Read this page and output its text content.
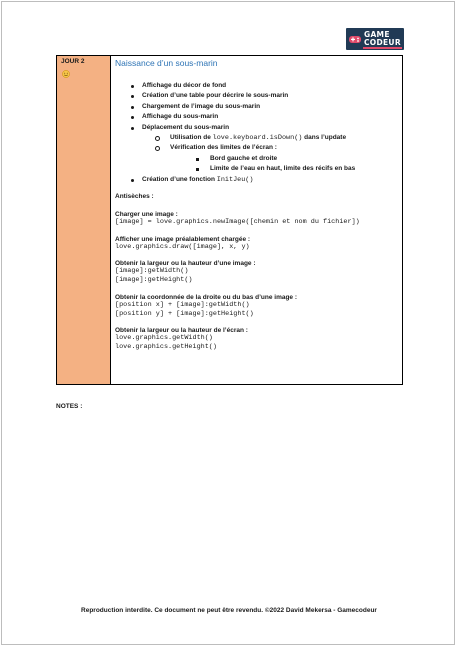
GAME
CODEUR
JOUR 2	Naissance d’un sous-marin
Affichage du décor de fond
Création d’une table pour décrire le sous-marin
Chargement de l’image du sous-marin
Affichage du sous-marin
Déplacement du sous-marin
Utilisation de love.keyboard.isDown() dans l’update
Vérification des limites de l’écran :
Bord gauche et droite
Limite de l’eau en haut, limite des récifs en bas
Création d’une fonction InitJeu()
Antisèches :
Charger une image :
[image] = love.graphics.newImage([chemin et nom du fichier])
Afficher une image préalablement chargée :
love.graphics.draw([image], x, y)
Obtenir la largeur ou la hauteur d’une image :
[image]:getWidth()
[image]:getHeight()
Obtenir la coordonnée de la droite ou du bas d’une image :
[position x] + [image]:getWidth()
[position y] + [image]:getHeight()
Obtenir la largeur ou la hauteur de l’écran :
love.graphics.getWidth()
love.graphics.getHeight()
NOTES :
Reproduction interdite. Ce document ne peut être revendu. ©2022 David Mekersa - Gamecodeur
